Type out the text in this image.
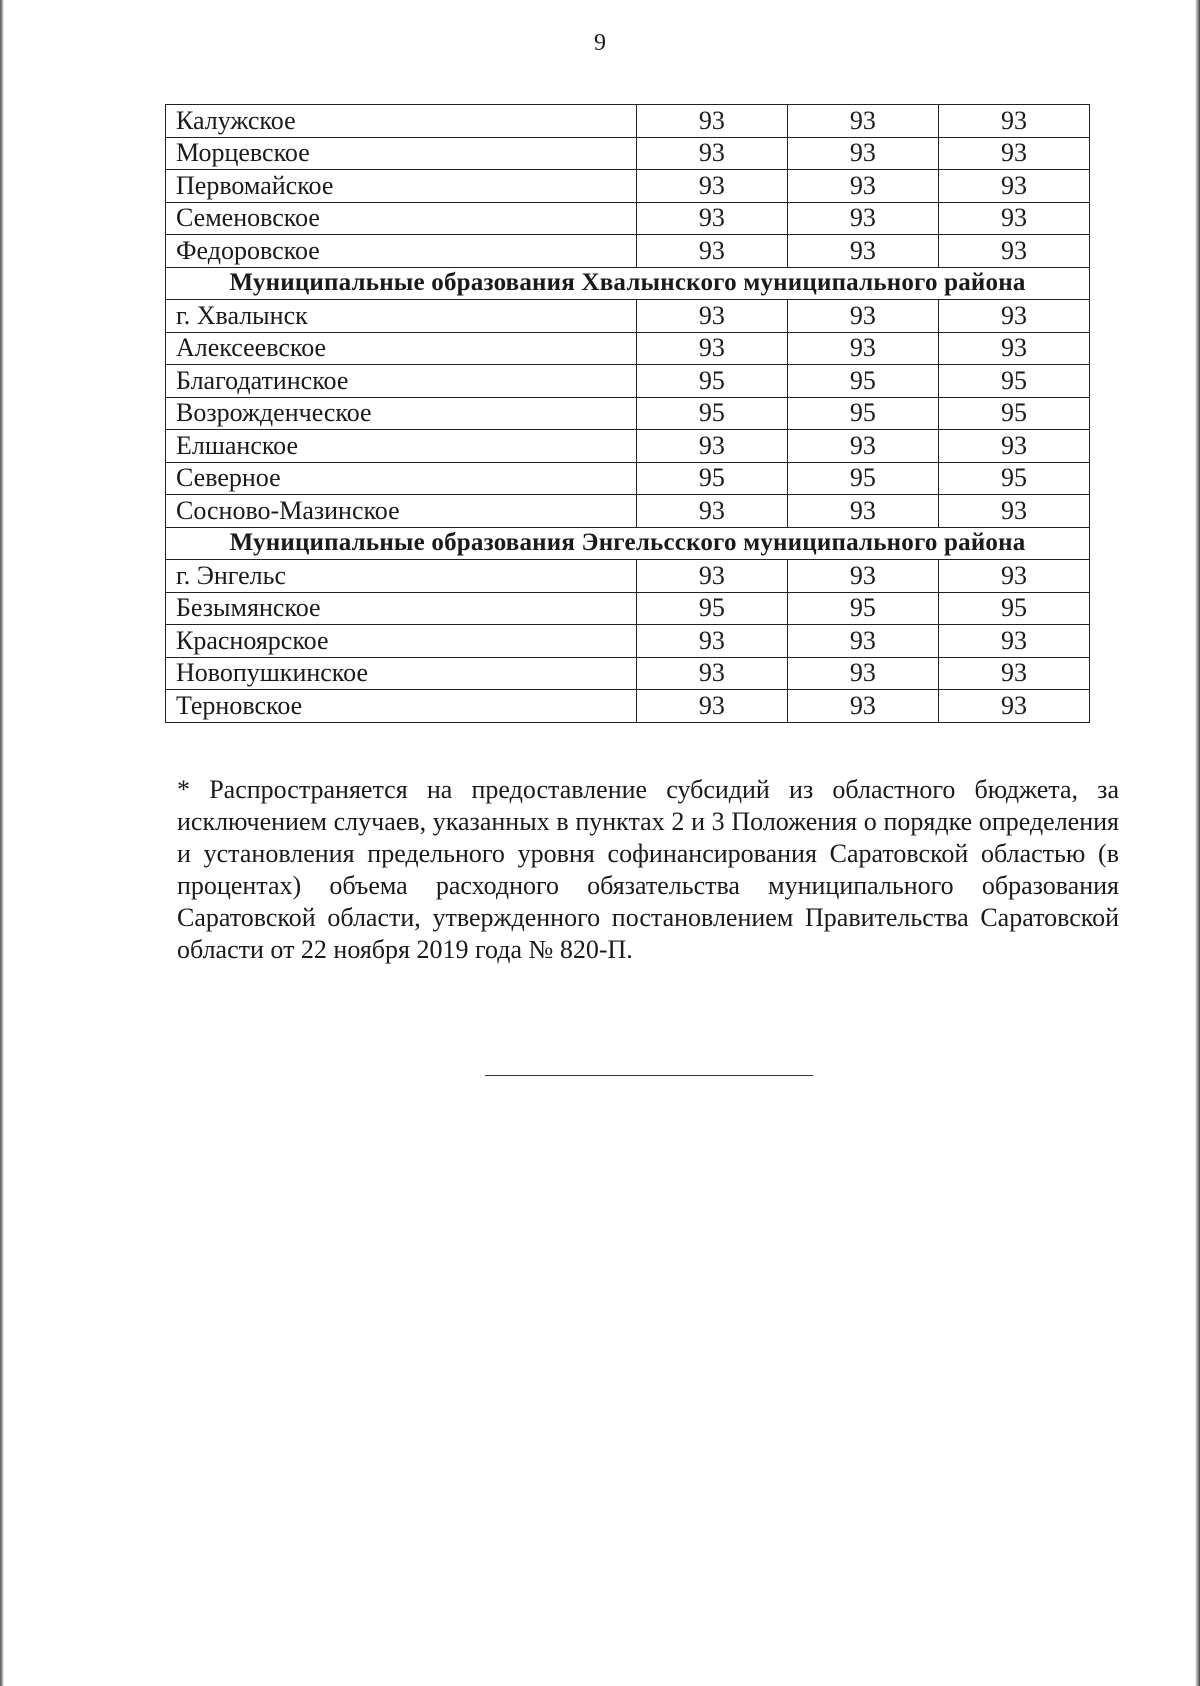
9
Калужское	93	93	93
Морцевское	93	93	93
Первомайское	93	93	93
Семеновское	93	93	93
Федоровское	93	93	93
Муниципальные образования Хвалынского муниципального района			
г. Хвалынск	93	93	93
Алексеевское	93	93	93
Благодатинское	95	95	95
Возрожденческое	95	95	95
Елшанское	93	93	93
Северное	95	95	95
Сосново-Мазинское	93	93	93
Муниципальные образования Энгельсского муниципального района			
г. Энгельс	93	93	93
Безымянское	95	95	95
Красноярское	93	93	93
Новопушкинское	93	93	93
Терновское	93	93	93
* Распространяется на предоставление субсидий из областного бюджета, за исключением случаев, указанных в пунктах 2 и 3 Положения о порядке определения и установления предельного уровня софинансирования Саратовской областью (в процентах) объема расходного обязательства муниципального образования Саратовской области, утвержденного постановлением Правительства Саратовской области от 22 ноября 2019 года № 820-П.
